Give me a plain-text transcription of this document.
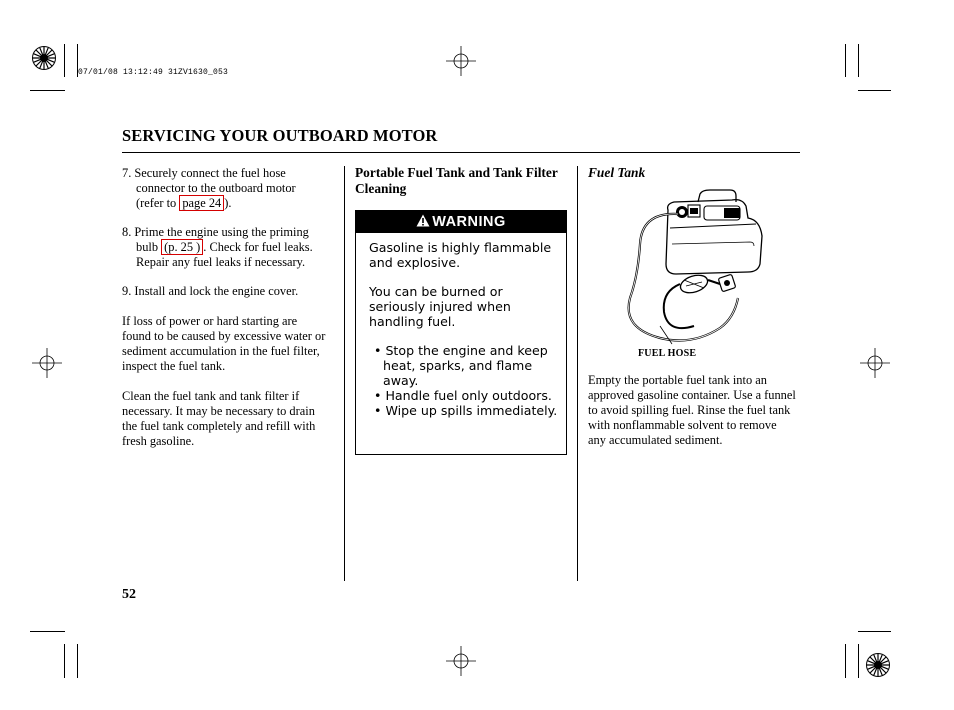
07/01/08 13:12:49 31ZV1630_053
SERVICING YOUR OUTBOARD MOTOR
7. Securely connect the fuel hose
connector to the outboard motor
(refer to page 24 ).
8. Prime the engine using the priming
bulb (p. 25 ) . Check for fuel leaks.
Repair any fuel leaks if necessary.
9. Install and lock the engine cover.

If loss of power or hard starting are found to be caused by excessive water or sediment accumulation in the fuel filter, inspect the fuel tank.

Clean the fuel tank and tank filter if necessary. It may be necessary to drain the fuel tank completely and refill with fresh gasoline.

Portable Fuel Tank and Tank Filter Cleaning
WARNING

Gasoline is highly flammable and explosive.

You can be burned or seriously injured when handling fuel.

• Stop the engine and keep heat, sparks, and flame away.
• Handle fuel only outdoors.
• Wipe up spills immediately.
Fuel Tank
FUEL HOSE

Empty the portable fuel tank into an approved gasoline container. Use a funnel to avoid spilling fuel. Rinse the fuel tank with nonflammable solvent to remove any accumulated sediment.

52
